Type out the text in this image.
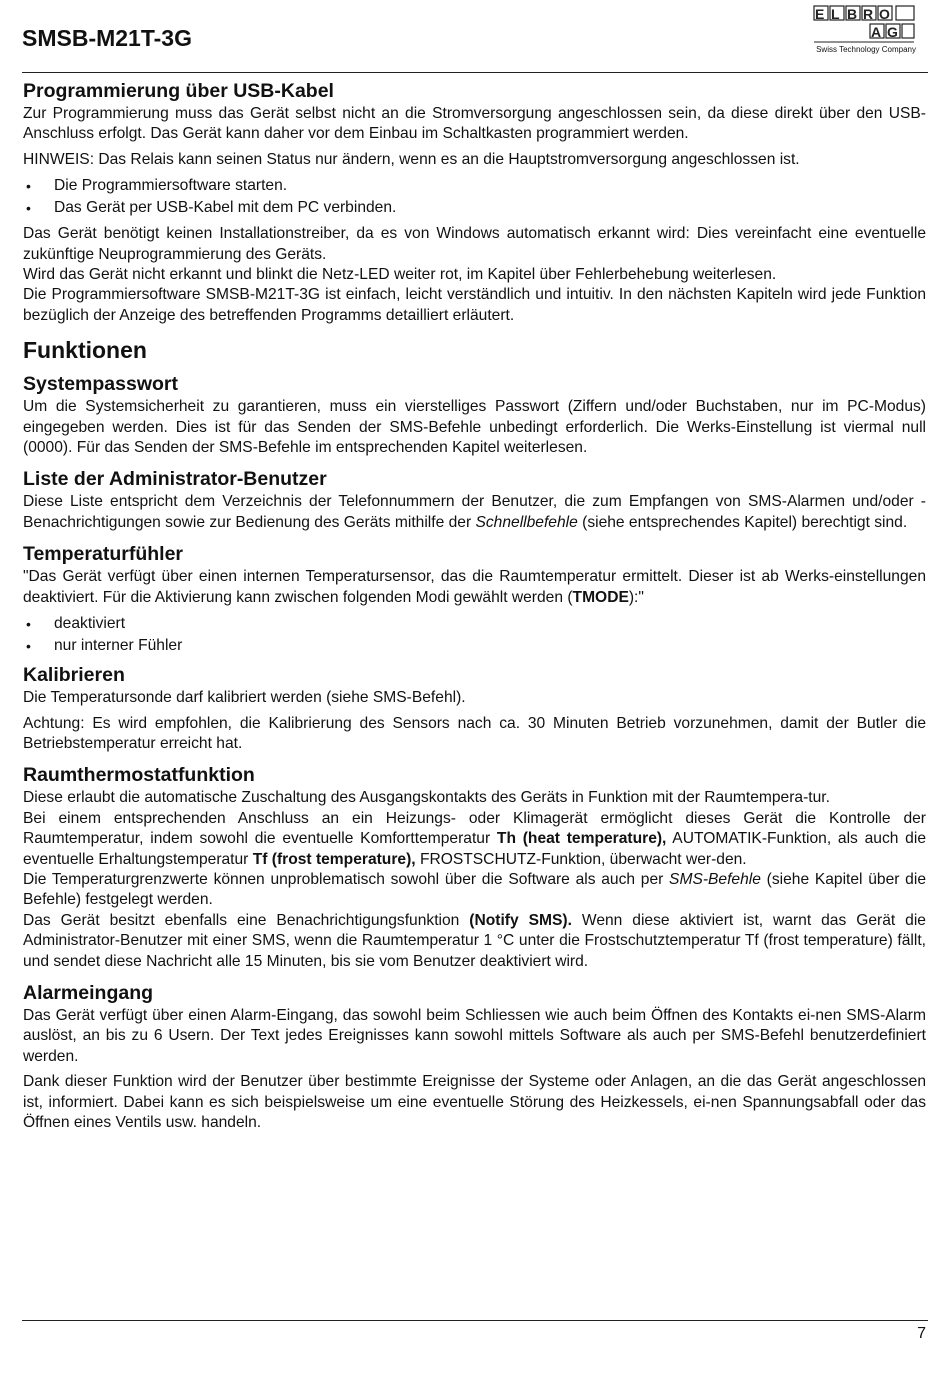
SMSB-M21T-3G
E L B R O
A G
Swiss Technology Company
Programmierung über USB-Kabel

Zur Programmierung muss das Gerät selbst nicht an die Stromversorgung angeschlossen sein, da diese direkt über den USB-Anschluss erfolgt. Das Gerät kann daher vor dem Einbau im Schaltkasten programmiert werden.

HINWEIS: Das Relais kann seinen Status nur ändern, wenn es an die Hauptstromversorgung angeschlossen ist.

• Die Programmiersoftware starten.
• Das Gerät per USB-Kabel mit dem PC verbinden.

Das Gerät benötigt keinen Installationstreiber, da es von Windows automatisch erkannt wird: Dies vereinfacht eine eventuelle zukünftige Neuprogrammierung des Geräts.

Wird das Gerät nicht erkannt und blinkt die Netz-LED weiter rot, im Kapitel über Fehlerbehebung weiterlesen.

Die Programmiersoftware SMSB-M21T-3G ist einfach, leicht verständlich und intuitiv. In den nächsten Kapiteln wird jede Funktion bezüglich der Anzeige des betreffenden Programms detailliert erläutert.

Funktionen
Systempasswort

Um die Systemsicherheit zu garantieren, muss ein vierstelliges Passwort (Ziffern und/oder Buchstaben, nur im PC-Modus) eingegeben werden. Dies ist für das Senden der SMS-Befehle unbedingt erforderlich. Die Werks-Einstellung ist viermal null (0000). Für das Senden der SMS-Befehle im entsprechenden Kapitel weiterlesen.

Liste der Administrator-Benutzer

Diese Liste entspricht dem Verzeichnis der Telefonnummern der Benutzer, die zum Empfangen von SMS-Alarmen und/oder -Benachrichtigungen sowie zur Bedienung des Geräts mithilfe der Schnellbefehle (siehe entsprechendes Kapitel) berechtigt sind.

Temperaturfühler

"Das Gerät verfügt über einen internen Temperatursensor, das die Raumtemperatur ermittelt. Dieser ist ab Werks-einstellungen deaktiviert. Für die Aktivierung kann zwischen folgenden Modi gewählt werden (TMODE):"

• deaktiviert
• nur interner Fühler
Kalibrieren

Die Temperatursonde darf kalibriert werden (siehe SMS-Befehl).

Achtung: Es wird empfohlen, die Kalibrierung des Sensors nach ca. 30 Minuten Betrieb vorzunehmen, damit der Butler die Betriebstemperatur erreicht hat.

Raumthermostatfunktion

Diese erlaubt die automatische Zuschaltung des Ausgangskontakts des Geräts in Funktion mit der Raumtempera-tur.

Bei einem entsprechenden Anschluss an ein Heizungs- oder Klimagerät ermöglicht dieses Gerät die Kontrolle der Raumtemperatur, indem sowohl die eventuelle Komforttemperatur Th (heat temperature), AUTOMATIK-Funktion, als auch die eventuelle Erhaltungstemperatur Tf (frost temperature), FROSTSCHUTZ-Funktion, überwacht wer-den.

Die Temperaturgrenzwerte können unproblematisch sowohl über die Software als auch per SMS-Befehle (siehe Kapitel über die Befehle) festgelegt werden.

Das Gerät besitzt ebenfalls eine Benachrichtigungsfunktion (Notify SMS). Wenn diese aktiviert ist, warnt das Gerät die Administrator-Benutzer mit einer SMS, wenn die Raumtemperatur 1 °C unter die Frostschutztemperatur Tf (frost temperature) fällt, und sendet diese Nachricht alle 15 Minuten, bis sie vom Benutzer deaktiviert wird.

Alarmeingang

Das Gerät verfügt über einen Alarm-Eingang, das sowohl beim Schliessen wie auch beim Öffnen des Kontakts ei-nen SMS-Alarm auslöst, an bis zu 6 Usern. Der Text jedes Ereignisses kann sowohl mittels Software als auch per SMS-Befehl benutzerdefiniert werden.

Dank dieser Funktion wird der Benutzer über bestimmte Ereignisse der Systeme oder Anlagen, an die das Gerät angeschlossen ist, informiert. Dabei kann es sich beispielsweise um eine eventuelle Störung des Heizkessels, ei-nen Spannungsabfall oder das Öffnen eines Ventils usw. handeln.

7
